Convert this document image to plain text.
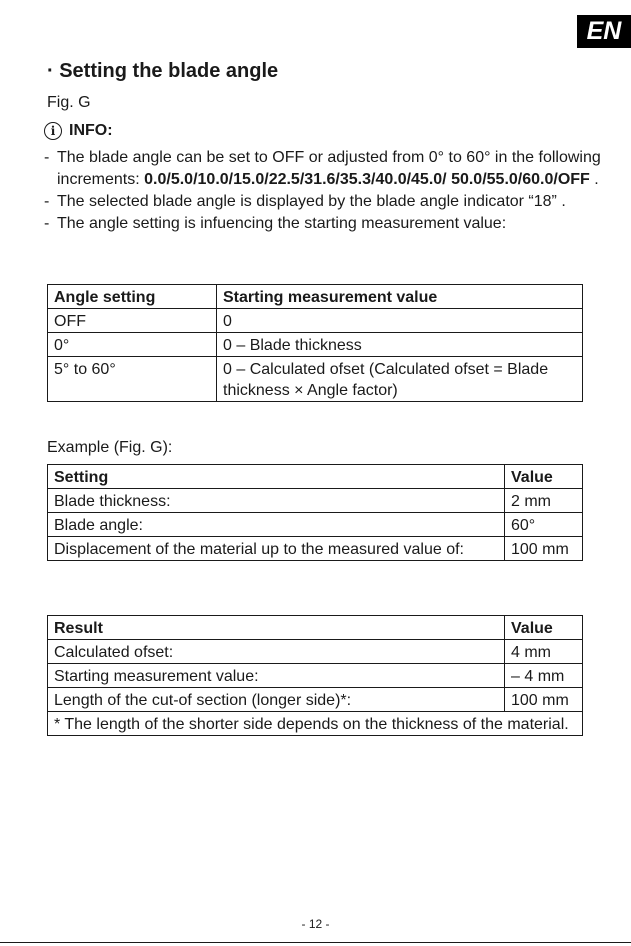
EN
· Setting the blade angle
Fig. G
i INFO:
- The blade angle can be set to OFF or adjusted from 0° to 60° in the following increments: 0.0/5.0/10.0/15.0/22.5/31.6/35.3/40.0/45.0/ 50.0/55.0/60.0/OFF .
- The selected blade angle is displayed by the blade angle indicator “18” .
- The angle setting is infuencing the starting measurement value:
Angle setting	Starting measurement value
OFF	0
0°	0 – Blade thickness
5° to 60°	0 – Calculated ofset (Calculated ofset = Blade thickness × Angle factor)
Example (Fig. G):
Setting	Value
Blade thickness:	2 mm
Blade angle:	60°
Displacement of the material up to the measured value of:	100 mm
Result	Value
Calculated ofset:	4 mm
Starting measurement value:	– 4 mm
Length of the cut-of section (longer side)*:	100 mm
* The length of the shorter side depends on the thickness of the material.	
- 12 -
